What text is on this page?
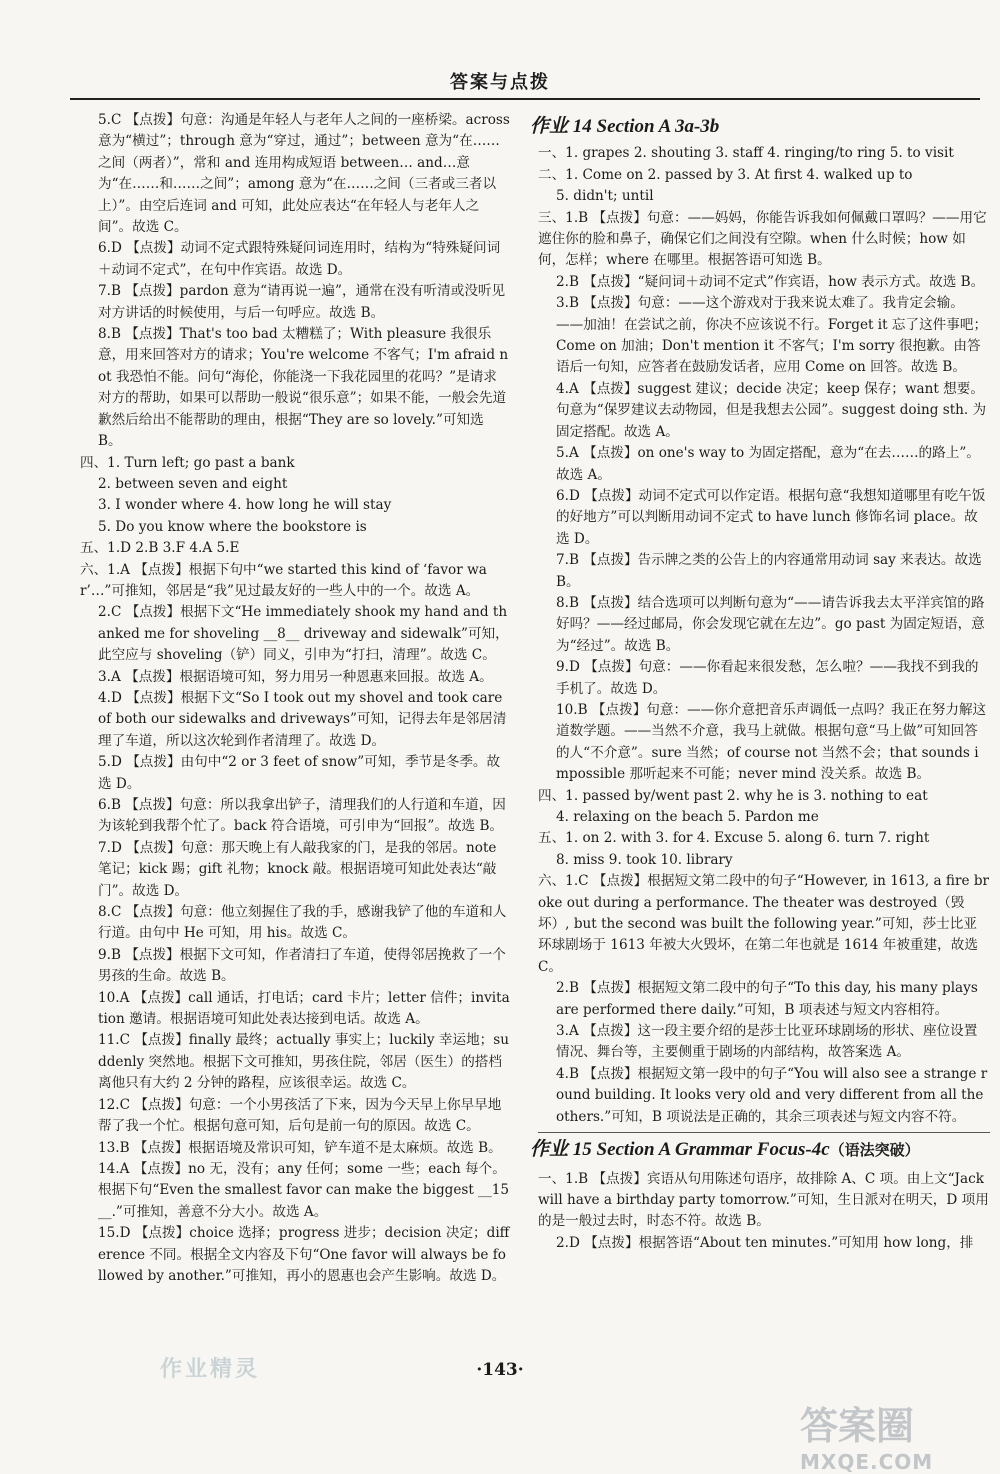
答案与点拨

5.C 【点拨】句意：沟通是年轻人与老年人之间的一座桥梁。across 意为“横过”；through 意为“穿过，通过”；between 意为“在……之间（两者）”，常和 and 连用构成短语 between… and…意为“在……和……之间”；among 意为“在……之间（三者或三者以上）”。由空后连词 and 可知，此处应表达“在年轻人与老年人之间”。故选 C。

6.D 【点拨】动词不定式跟特殊疑问词连用时，结构为“特殊疑问词＋动词不定式”，在句中作宾语。故选 D。

7.B 【点拨】pardon 意为“请再说一遍”，通常在没有听清或没听见对方讲话的时候使用，与后一句呼应。故选 B。

8.B 【点拨】That's too bad 太糟糕了；With pleasure 我很乐意，用来回答对方的请求；You're welcome 不客气；I'm afraid not 我恐怕不能。问句“海伦，你能浇一下我花园里的花吗？”是请求对方的帮助，如果可以帮助一般说“很乐意”；如果不能，一般会先道歉然后给出不能帮助的理由，根据“They are so lovely.”可知选 B。

四、1. Turn left; go past a bank

2. between seven and eight

3. I wonder where 4. how long he will stay

5. Do you know where the bookstore is

五、1.D 2.B 3.F 4.A 5.E

六、1.A 【点拨】根据下句中“we started this kind of ‘favor war’…”可推知，邻居是“我”见过最友好的一些人中的一个。故选 A。

2.C 【点拨】根据下文“He immediately shook my hand and thanked me for shoveling __8__ driveway and sidewalk”可知，此空应与 shoveling（铲）同义，引申为“打扫，清理”。故选 C。

3.A 【点拨】根据语境可知，努力用另一种恩惠来回报。故选 A。

4.D 【点拨】根据下文“So I took out my shovel and took care of both our sidewalks and driveways”可知，记得去年是邻居清理了车道，所以这次轮到作者清理了。故选 D。

5.D 【点拨】由句中“2 or 3 feet of snow”可知，季节是冬季。故选 D。

6.B 【点拨】句意：所以我拿出铲子，清理我们的人行道和车道，因为该轮到我帮个忙了。back 符合语境，可引申为“回报”。故选 B。

7.D 【点拨】句意：那天晚上有人敲我家的门，是我的邻居。note 笔记；kick 踢；gift 礼物；knock 敲。根据语境可知此处表达“敲门”。故选 D。

8.C 【点拨】句意：他立刻握住了我的手，感谢我铲了他的车道和人行道。由句中 He 可知，用 his。故选 C。

9.B 【点拨】根据下文可知，作者清扫了车道，使得邻居挽救了一个男孩的生命。故选 B。

10.A 【点拨】call 通话，打电话；card 卡片；letter 信件；invitation 邀请。根据语境可知此处表达接到电话。故选 A。

11.C 【点拨】finally 最终；actually 事实上；luckily 幸运地；suddenly 突然地。根据下文可推知，男孩住院，邻居（医生）的搭档离他只有大约 2 分钟的路程，应该很幸运。故选 C。

12.C 【点拨】句意：一个小男孩活了下来，因为今天早上你早早地帮了我一个忙。根据句意可知，后句是前一句的原因。故选 C。

13.B 【点拨】根据语境及常识可知，铲车道不是太麻烦。故选 B。

14.A 【点拨】no 无，没有；any 任何；some 一些；each 每个。根据下句“Even the smallest favor can make the biggest __15__.”可推知，善意不分大小。故选 A。

15.D 【点拨】choice 选择；progress 进步；decision 决定；difference 不同。根据全文内容及下句“One favor will always be followed by another.”可推知，再小的恩惠也会产生影响。故选 D。

作业 14 Section A 3a-3b

一、1. grapes 2. shouting 3. staff 4. ringing/to ring 5. to visit

二、1. Come on 2. passed by 3. At first 4. walked up to

5. didn't; until

三、1.B 【点拨】句意：——妈妈，你能告诉我如何佩戴口罩吗？——用它遮住你的脸和鼻子，确保它们之间没有空隙。when 什么时候；how 如何，怎样；where 在哪里。根据答语可知选 B。

2.B 【点拨】“疑问词＋动词不定式”作宾语，how 表示方式。故选 B。

3.B 【点拨】句意：——这个游戏对于我来说太难了。我肯定会输。——加油！在尝试之前，你决不应该说不行。Forget it 忘了这件事吧；Come on 加油；Don't mention it 不客气；I'm sorry 很抱歉。由答语后一句知，应答者在鼓励发话者，应用 Come on 回答。故选 B。

4.A 【点拨】suggest 建议；decide 决定；keep 保存；want 想要。句意为“保罗建议去动物园，但是我想去公园”。suggest doing sth. 为固定搭配。故选 A。

5.A 【点拨】on one's way to 为固定搭配，意为“在去……的路上”。故选 A。

6.D 【点拨】动词不定式可以作定语。根据句意“我想知道哪里有吃午饭的好地方”可以判断用动词不定式 to have lunch 修饰名词 place。故选 D。

7.B 【点拨】告示牌之类的公告上的内容通常用动词 say 来表达。故选 B。

8.B 【点拨】结合选项可以判断句意为“——请告诉我去太平洋宾馆的路好吗？——经过邮局，你会发现它就在左边”。go past 为固定短语，意为“经过”。故选 B。

9.D 【点拨】句意：——你看起来很发愁，怎么啦？——我找不到我的手机了。故选 D。

10.B 【点拨】句意：——你介意把音乐声调低一点吗？我正在努力解这道数学题。——当然不介意，我马上就做。根据句意“马上做”可知回答的人“不介意”。sure 当然；of course not 当然不会；that sounds impossible 那听起来不可能；never mind 没关系。故选 B。

四、1. passed by/went past 2. why he is 3. nothing to eat

4. relaxing on the beach 5. Pardon me

五、1. on 2. with 3. for 4. Excuse 5. along 6. turn 7. right

8. miss 9. took 10. library

六、1.C 【点拨】根据短文第二段中的句子“However, in 1613, a fire broke out during a performance. The theater was destroyed（毁坏）, but the second was built the following year.”可知，莎士比亚环球剧场于 1613 年被大火毁坏，在第二年也就是 1614 年被重建，故选 C。

2.B 【点拨】根据短文第二段中的句子“To this day, his many plays are performed there daily.”可知，B 项表述与短文内容相符。

3.A 【点拨】这一段主要介绍的是莎士比亚环球剧场的形状、座位设置情况、舞台等，主要侧重于剧场的内部结构，故答案选 A。

4.B 【点拨】根据短文第一段中的句子“You will also see a strange round building. It looks very old and very different from all the others.”可知，B 项说法是正确的，其余三项表述与短文内容不符。

作业 15 Section A Grammar Focus-4c（语法突破）

一、1.B 【点拨】宾语从句用陈述句语序，故排除 A、C 项。由上文“Jack will have a birthday party tomorrow.”可知，生日派对在明天，D 项用的是一般过去时，时态不符。故选 B。

2.D 【点拨】根据答语“About ten minutes.”可知用 how long，排

作业精灵	·143·
答案圈
MXQE.COM
